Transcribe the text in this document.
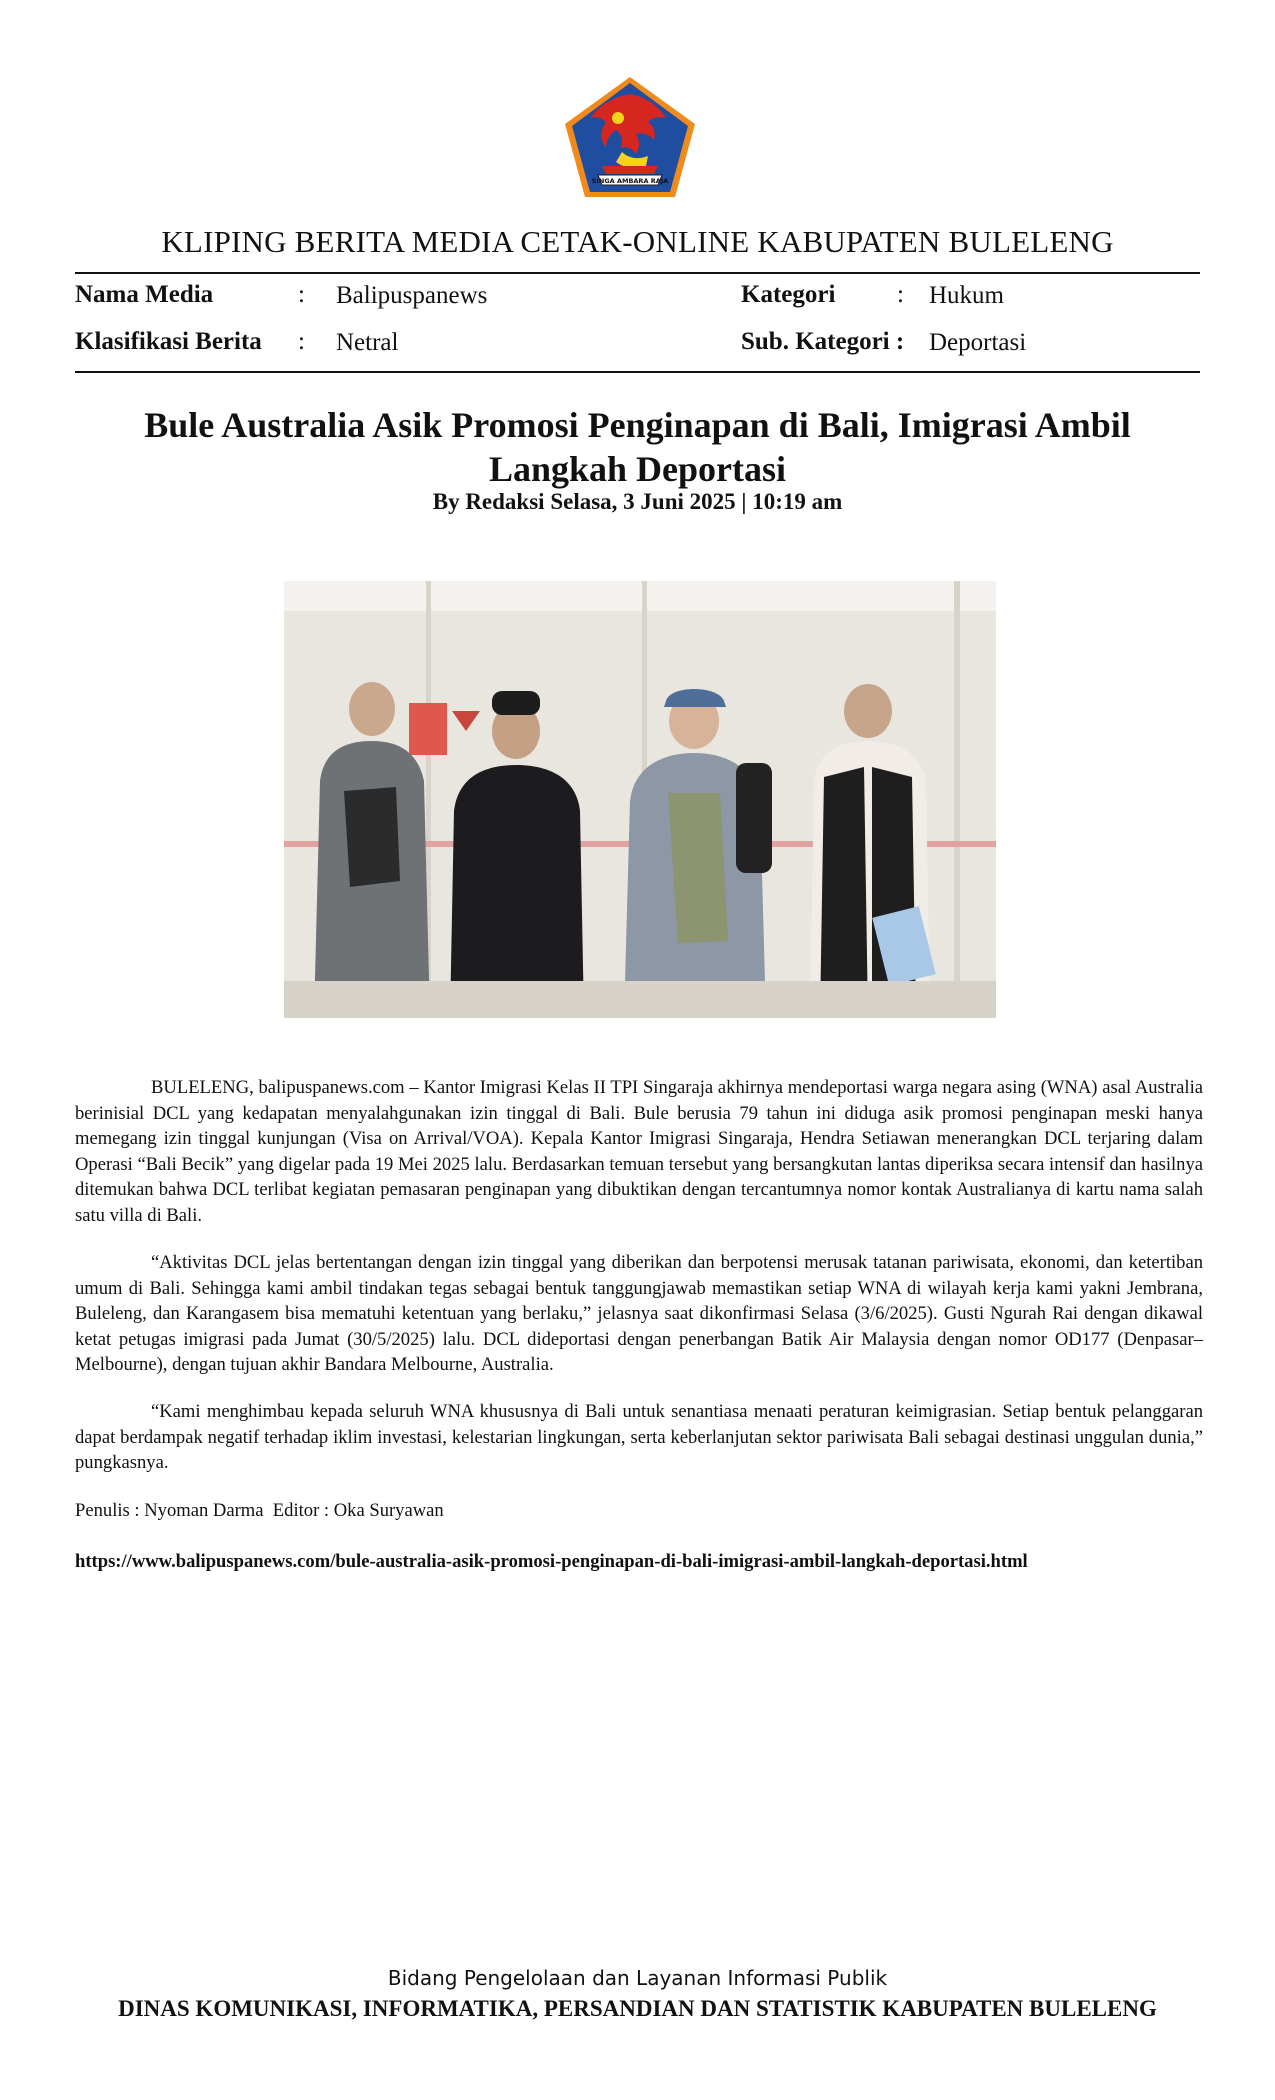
SINGA AMBARA RAJA
KLIPING BERITA MEDIA CETAK-ONLINE KABUPATEN BULELENG
Nama Media	: Balipuspanews	Kategori : Hukum
Klasifikasi Berita : Netral	Sub. Kategori : Deportasi
Bule Australia Asik Promosi Penginapan di Bali, Imigrasi Ambil
Langkah Deportasi
By Redaksi Selasa, 3 Juni 2025 | 10:19 am

BULELENG, balipuspanews.com – Kantor Imigrasi Kelas II TPI Singaraja akhirnya mendeportasi warga negara asing (WNA) asal Australia berinisial DCL yang kedapatan menyalahgunakan izin tinggal di Bali. Bule berusia 79 tahun ini diduga asik promosi penginapan meski hanya memegang izin tinggal kunjungan (Visa on Arrival/VOA). Kepala Kantor Imigrasi Singaraja, Hendra Setiawan menerangkan DCL terjaring dalam Operasi “Bali Becik” yang digelar pada 19 Mei 2025 lalu. Berdasarkan temuan tersebut yang bersangkutan lantas diperiksa secara intensif dan hasilnya ditemukan bahwa DCL terlibat kegiatan pemasaran penginapan yang dibuktikan dengan tercantumnya nomor kontak Australianya di kartu nama salah satu villa di Bali.

“Aktivitas DCL jelas bertentangan dengan izin tinggal yang diberikan dan berpotensi merusak tatanan pariwisata, ekonomi, dan ketertiban umum di Bali. Sehingga kami ambil tindakan tegas sebagai bentuk tanggungjawab memastikan setiap WNA di wilayah kerja kami yakni Jembrana, Buleleng, dan Karangasem bisa mematuhi ketentuan yang berlaku,” jelasnya saat dikonfirmasi Selasa (3/6/2025). Gusti Ngurah Rai dengan dikawal ketat petugas imigrasi pada Jumat (30/5/2025) lalu. DCL dideportasi dengan penerbangan Batik Air Malaysia dengan nomor OD177 (Denpasar–Melbourne), dengan tujuan akhir Bandara Melbourne, Australia.

“Kami menghimbau kepada seluruh WNA khususnya di Bali untuk senantiasa menaati peraturan keimigrasian. Setiap bentuk pelanggaran dapat berdampak negatif terhadap iklim investasi, kelestarian lingkungan, serta keberlanjutan sektor pariwisata Bali sebagai destinasi unggulan dunia,” pungkasnya.

Penulis : Nyoman Darma  Editor : Oka Suryawan
https://www.balipuspanews.com/bule-australia-asik-promosi-penginapan-di-bali-imigrasi-ambil-langkah-deportasi.html
Bidang Pengelolaan dan Layanan Informasi Publik
DINAS KOMUNIKASI, INFORMATIKA, PERSANDIAN DAN STATISTIK KABUPATEN BULELENG
